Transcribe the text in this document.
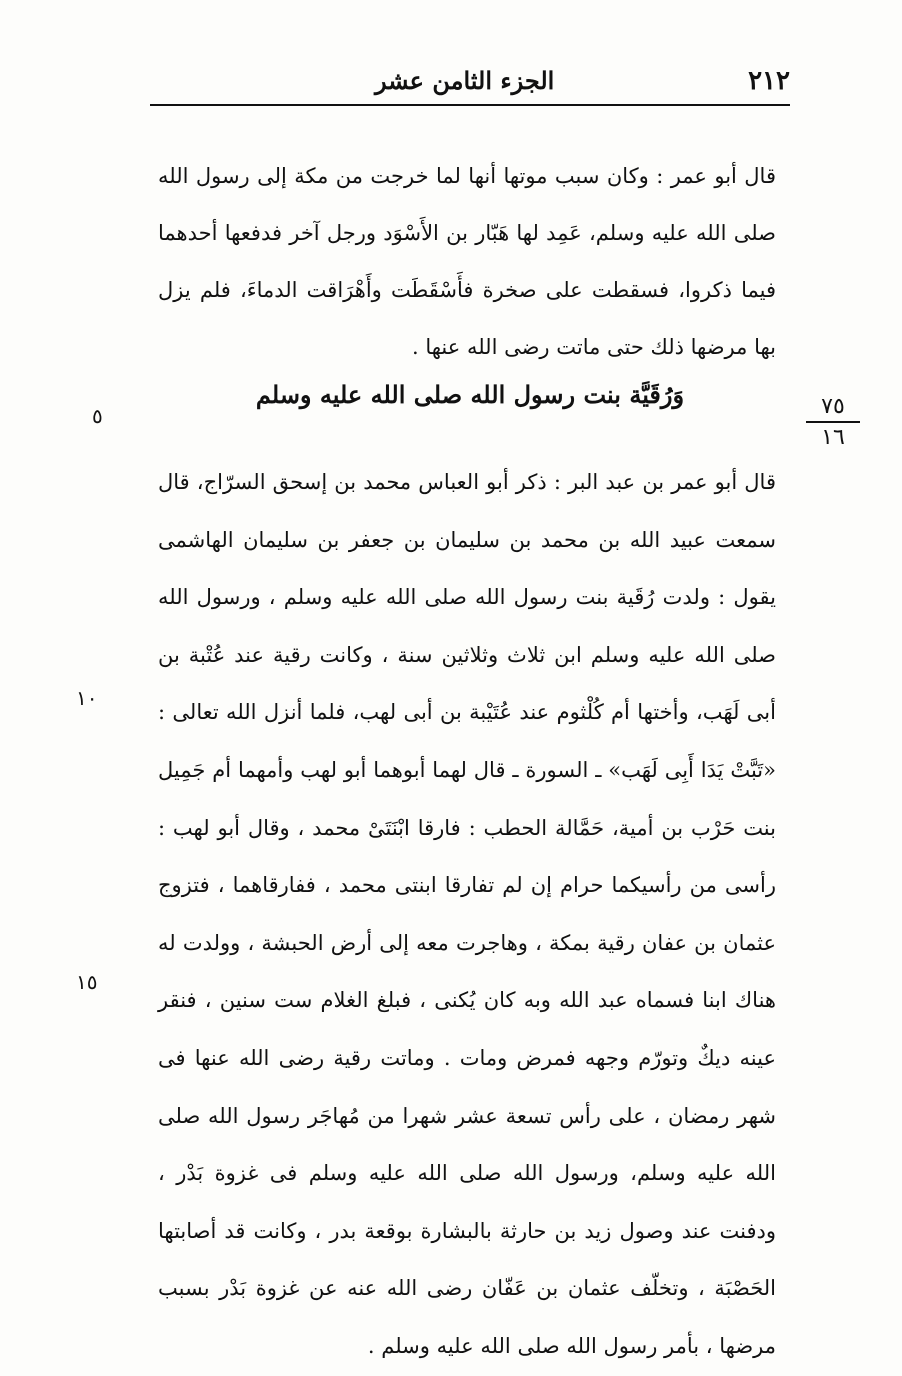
٢١٢
الجزء الثامن عشر

قال أبو عمر : وكان سبب موتها أنها لما خرجت من مكة إلى رسول الله صلى الله عليه وسلم، عَمِد لها هَبّار بن الأَسْوَد ورجل آخر فدفعها أحدهما فيما ذكروا، فسقطت على صخرة فأَسْقَطَت وأَهْرَاقت الدماءَ، فلم يزل بها مرضها ذلك حتى ماتت رضى الله عنها .

٧٥
١٦
وَرُقَيَّة بنت رسول الله صلى الله عليه وسلم
٥
١٠
١٥

قال أبو عمر بن عبد البر : ذكر أبو العباس محمد بن إسحق السرّاج، قال سمعت عبيد الله بن محمد بن سليمان بن جعفر بن سليمان الهاشمى يقول : ولدت رُقَية بنت رسول الله صلى الله عليه وسلم ، ورسول الله صلى الله عليه وسلم ابن ثلاث وثلاثين سنة ، وكانت رقية عند عُتْبة بن أبى لَهَب، وأختها أم كُلْثوم عند عُتَيْبة بن أبى لهب، فلما أنزل الله تعالى : «تَبَّتْ يَدَا أَبِى لَهَب» ـ السورة ـ قال لهما أبوهما أبو لهب وأمهما أم جَمِيل بنت حَرْب بن أمية، حَمَّالة الحطب : فارقا ابْنَتَىْ محمد ، وقال أبو لهب : رأسى من رأسيكما حرام إن لم تفارقا ابنتى محمد ، ففارقاهما ، فتزوج عثمان بن عفان رقية بمكة ، وهاجرت معه إلى أرض الحبشة ، وولدت له هناك ابنا فسماه عبد الله وبه كان يُكنى ، فبلغ الغلام ست سنين ، فنقر عينه ديكٌ وتورّم وجهه فمرض ومات . وماتت رقية رضى الله عنها فى شهر رمضان ، على رأس تسعة عشر شهرا من مُهاجَر رسول الله صلى الله عليه وسلم، ورسول الله صلى الله عليه وسلم فى غزوة بَدْر ، ودفنت عند وصول زيد بن حارثة بالبشارة بوقعة بدر ، وكانت قد أصابتها الحَصْبَة ، وتخلّف عثمان بن عَفّان رضى الله عنه عن غزوة بَدْر بسبب مرضها ، بأمر رسول الله صلى الله عليه وسلم .
